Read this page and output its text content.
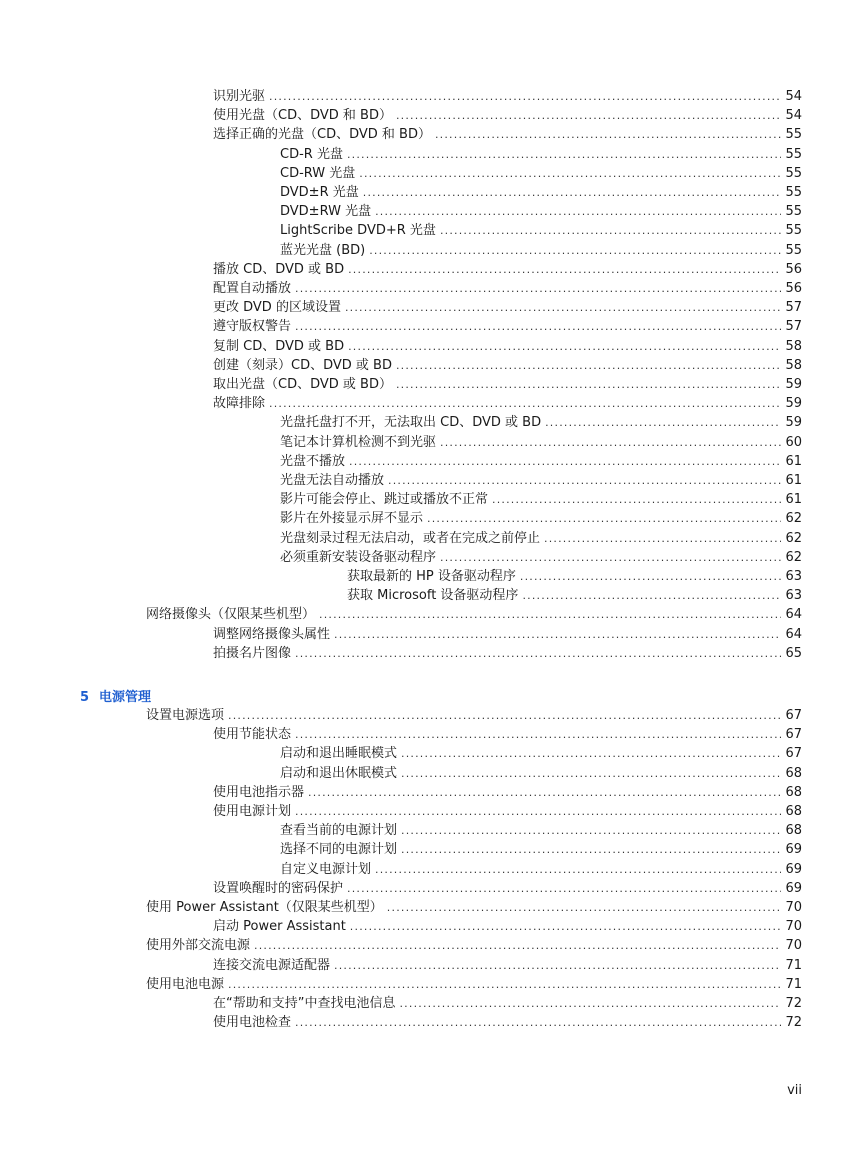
识别光驱 .....	54
使用光盘（CD、DVD 和 BD） .....	54
选择正确的光盘（CD、DVD 和 BD） .....	55
CD-R 光盘 .....	55
CD-RW 光盘 .....	55
DVD±R 光盘 .....	55
DVD±RW 光盘 .....	55
LightScribe DVD+R 光盘 .....	55
蓝光光盘 (BD) .....	55
播放 CD、DVD 或 BD .....	56
配置自动播放 .....	56
更改 DVD 的区域设置 .....	57
遵守版权警告 .....	57
复制 CD、DVD 或 BD .....	58
创建（刻录）CD、DVD 或 BD .....	58
取出光盘（CD、DVD 或 BD） .....	59
故障排除 .....	59
光盘托盘打不开，无法取出 CD、DVD 或 BD .....	59
笔记本计算机检测不到光驱 .....	60
光盘不播放 .....	61
光盘无法自动播放 .....	61
影片可能会停止、跳过或播放不正常 .....	61
影片在外接显示屏不显示 .....	62
光盘刻录过程无法启动，或者在完成之前停止 .....	62
必须重新安装设备驱动程序 .....	62
获取最新的 HP 设备驱动程序 .....	63
获取 Microsoft 设备驱动程序 .....	63
网络摄像头（仅限某些机型） .....	64
调整网络摄像头属性 .....	64
拍摄名片图像 .....	65
设置电源选项 .....	67
使用节能状态 .....	67
启动和退出睡眠模式 .....	67
启动和退出休眠模式 .....	68
使用电池指示器 .....	68
使用电源计划 .....	68
查看当前的电源计划 .....	68
选择不同的电源计划 .....	69
自定义电源计划 .....	69
设置唤醒时的密码保护 .....	69
使用 Power Assistant（仅限某些机型） .....	70
启动 Power Assistant .....	70
使用外部交流电源 .....	70
连接交流电源适配器 .....	71
使用电池电源 .....	71
在“帮助和支持”中查找电池信息 .....	72
使用电池检查 .....	72
5 电源管理
vii
